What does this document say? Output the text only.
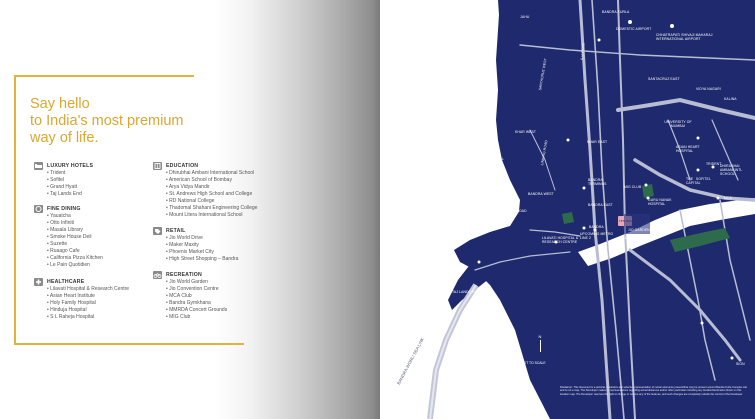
Say hello
to India's most premium
way of life.
LUXURY HOTELS
• Trident
• Sofitel
• Grand Hyatt
• Taj Lands End
FINE DINING
• Yauatcha
• Otto Infiniti
• Masala Library
• Smoke House Deli
• Suzette
• Ruaago Cafe
• California Pizza Kitchen
• Le Pain Quotidien
HEALTHCARE
• Lilavati Hospital & Research Centre
• Asian Heart Institute
• Holy Family Hospital
• Hinduja Hospital
• S L Raheja Hospital
EDUCATION
• Dhirubhai Ambani International School
• American School of Bombay
• Arya Vidya Mandir
• St. Andrews High School and College
• RD National College
• Thadomal Shahani Engineering College
• Mount Litera International School
RETAIL
• Jio World Drive
• Maker Maxity
• Phoenix Market City
• High Street Shopping – Bandra
RECREATION
• Jio World Garden
• Jio Convention Centre
• MCA Club
• Bandra Gymkhana
• MMRDA Concert Grounds
• MIG Club
JUHU
DOMESTIC AIRPORT
CHHATRAPATI SHIVAJI MAHARAJ INTERNATIONAL AIRPORT
S.V. ROAD
BANDRA KURLA
SANTACRUZ EAST
SANTACRUZ WEST	VIDYA NAGARI
KALINA
UNIVERSITY OF MUMBAI
KHAR WEST
KHAR EAST
PALI HILL	LINKING ROAD
BANDRA TERMINUS
BANDRA WEST
BANDRA EAST
MIG CLUB
TPN BKC
GURU NANAK HOSPITAL
ASIAN HEART HOSPITAL
TRIDENT
SOFITEL
THE CAPITAL
DHIRUBHAI AMBANI INTL SCHOOL
HILL ROAD
LILAVATI HOSPITAL & RESEARCH CENTRE
BANDRA
UPCOMING METRO LINE 2
JIO GARDEN MALL
KALA NAGAR
MCA
TAJ LANDS END
SION
BANDRA-WORLI SEA LINK
N
NOT TO SCALE
Disclaimer: This document is a pictorial, illustrative and selective representation of certain elements present/that may be present around Bandra Kurla Complex site and is not a map. The Developer makes no representations regarding actual distances and/or other particulars including any location/landmarks shown on this location map. The Developer reserves the right to change or remove any of the features, and such changes are completely outside the control of the Developer.
